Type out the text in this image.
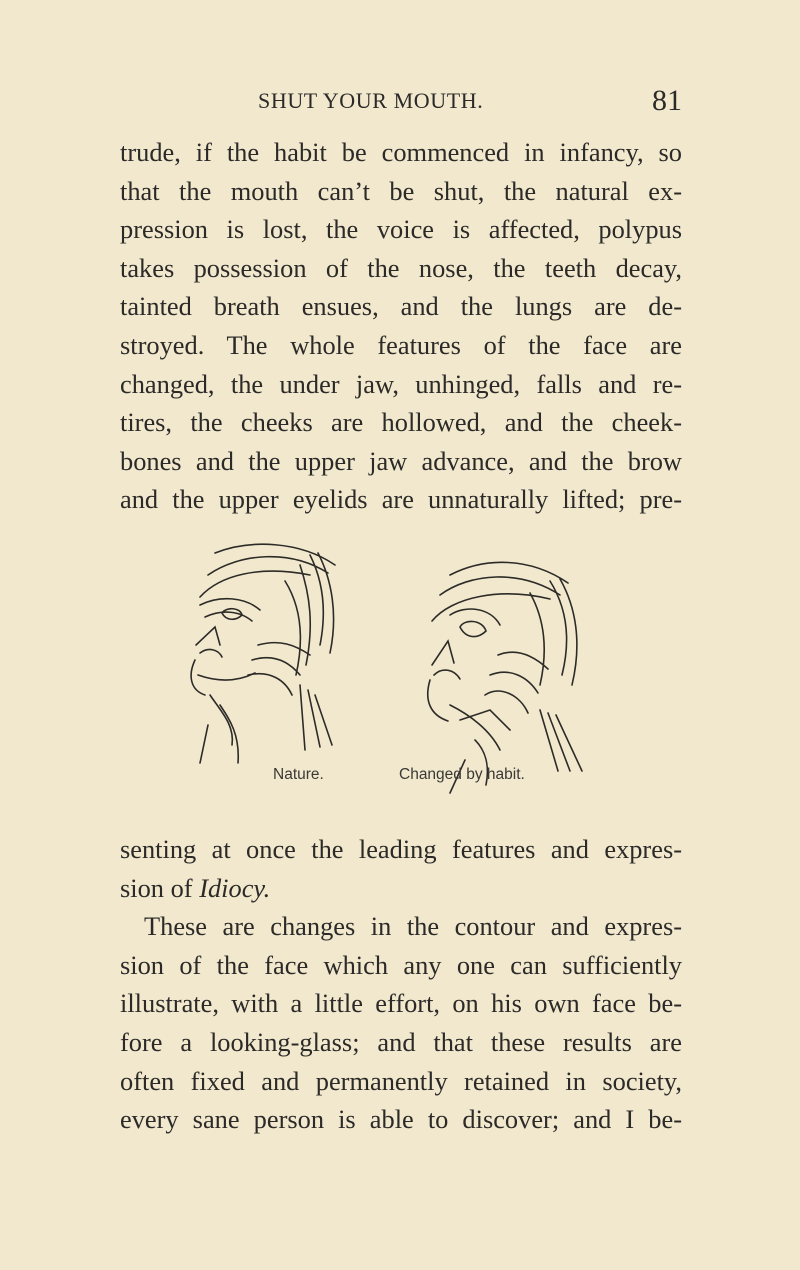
SHUT YOUR MOUTH.	81
trude, if the habit be commenced in infancy, so
that the mouth can’t be shut, the natural ex-
pression is lost, the voice is affected, polypus
takes possession of the nose, the teeth decay,
tainted breath ensues, and the lungs are de-
stroyed. The whole features of the face are
changed, the under jaw, unhinged, falls and re-
tires, the cheeks are hollowed, and the cheek-
bones and the upper jaw advance, and the brow
and the upper eyelids are unnaturally lifted; pre-
Nature.	Changed by habit.
senting at once the leading features and expres-
sion of Idiocy.
These are changes in the contour and expres-
sion of the face which any one can sufficiently
illustrate, with a little effort, on his own face be-
fore a looking-glass; and that these results are
often fixed and permanently retained in society,
every sane person is able to discover; and I be-
